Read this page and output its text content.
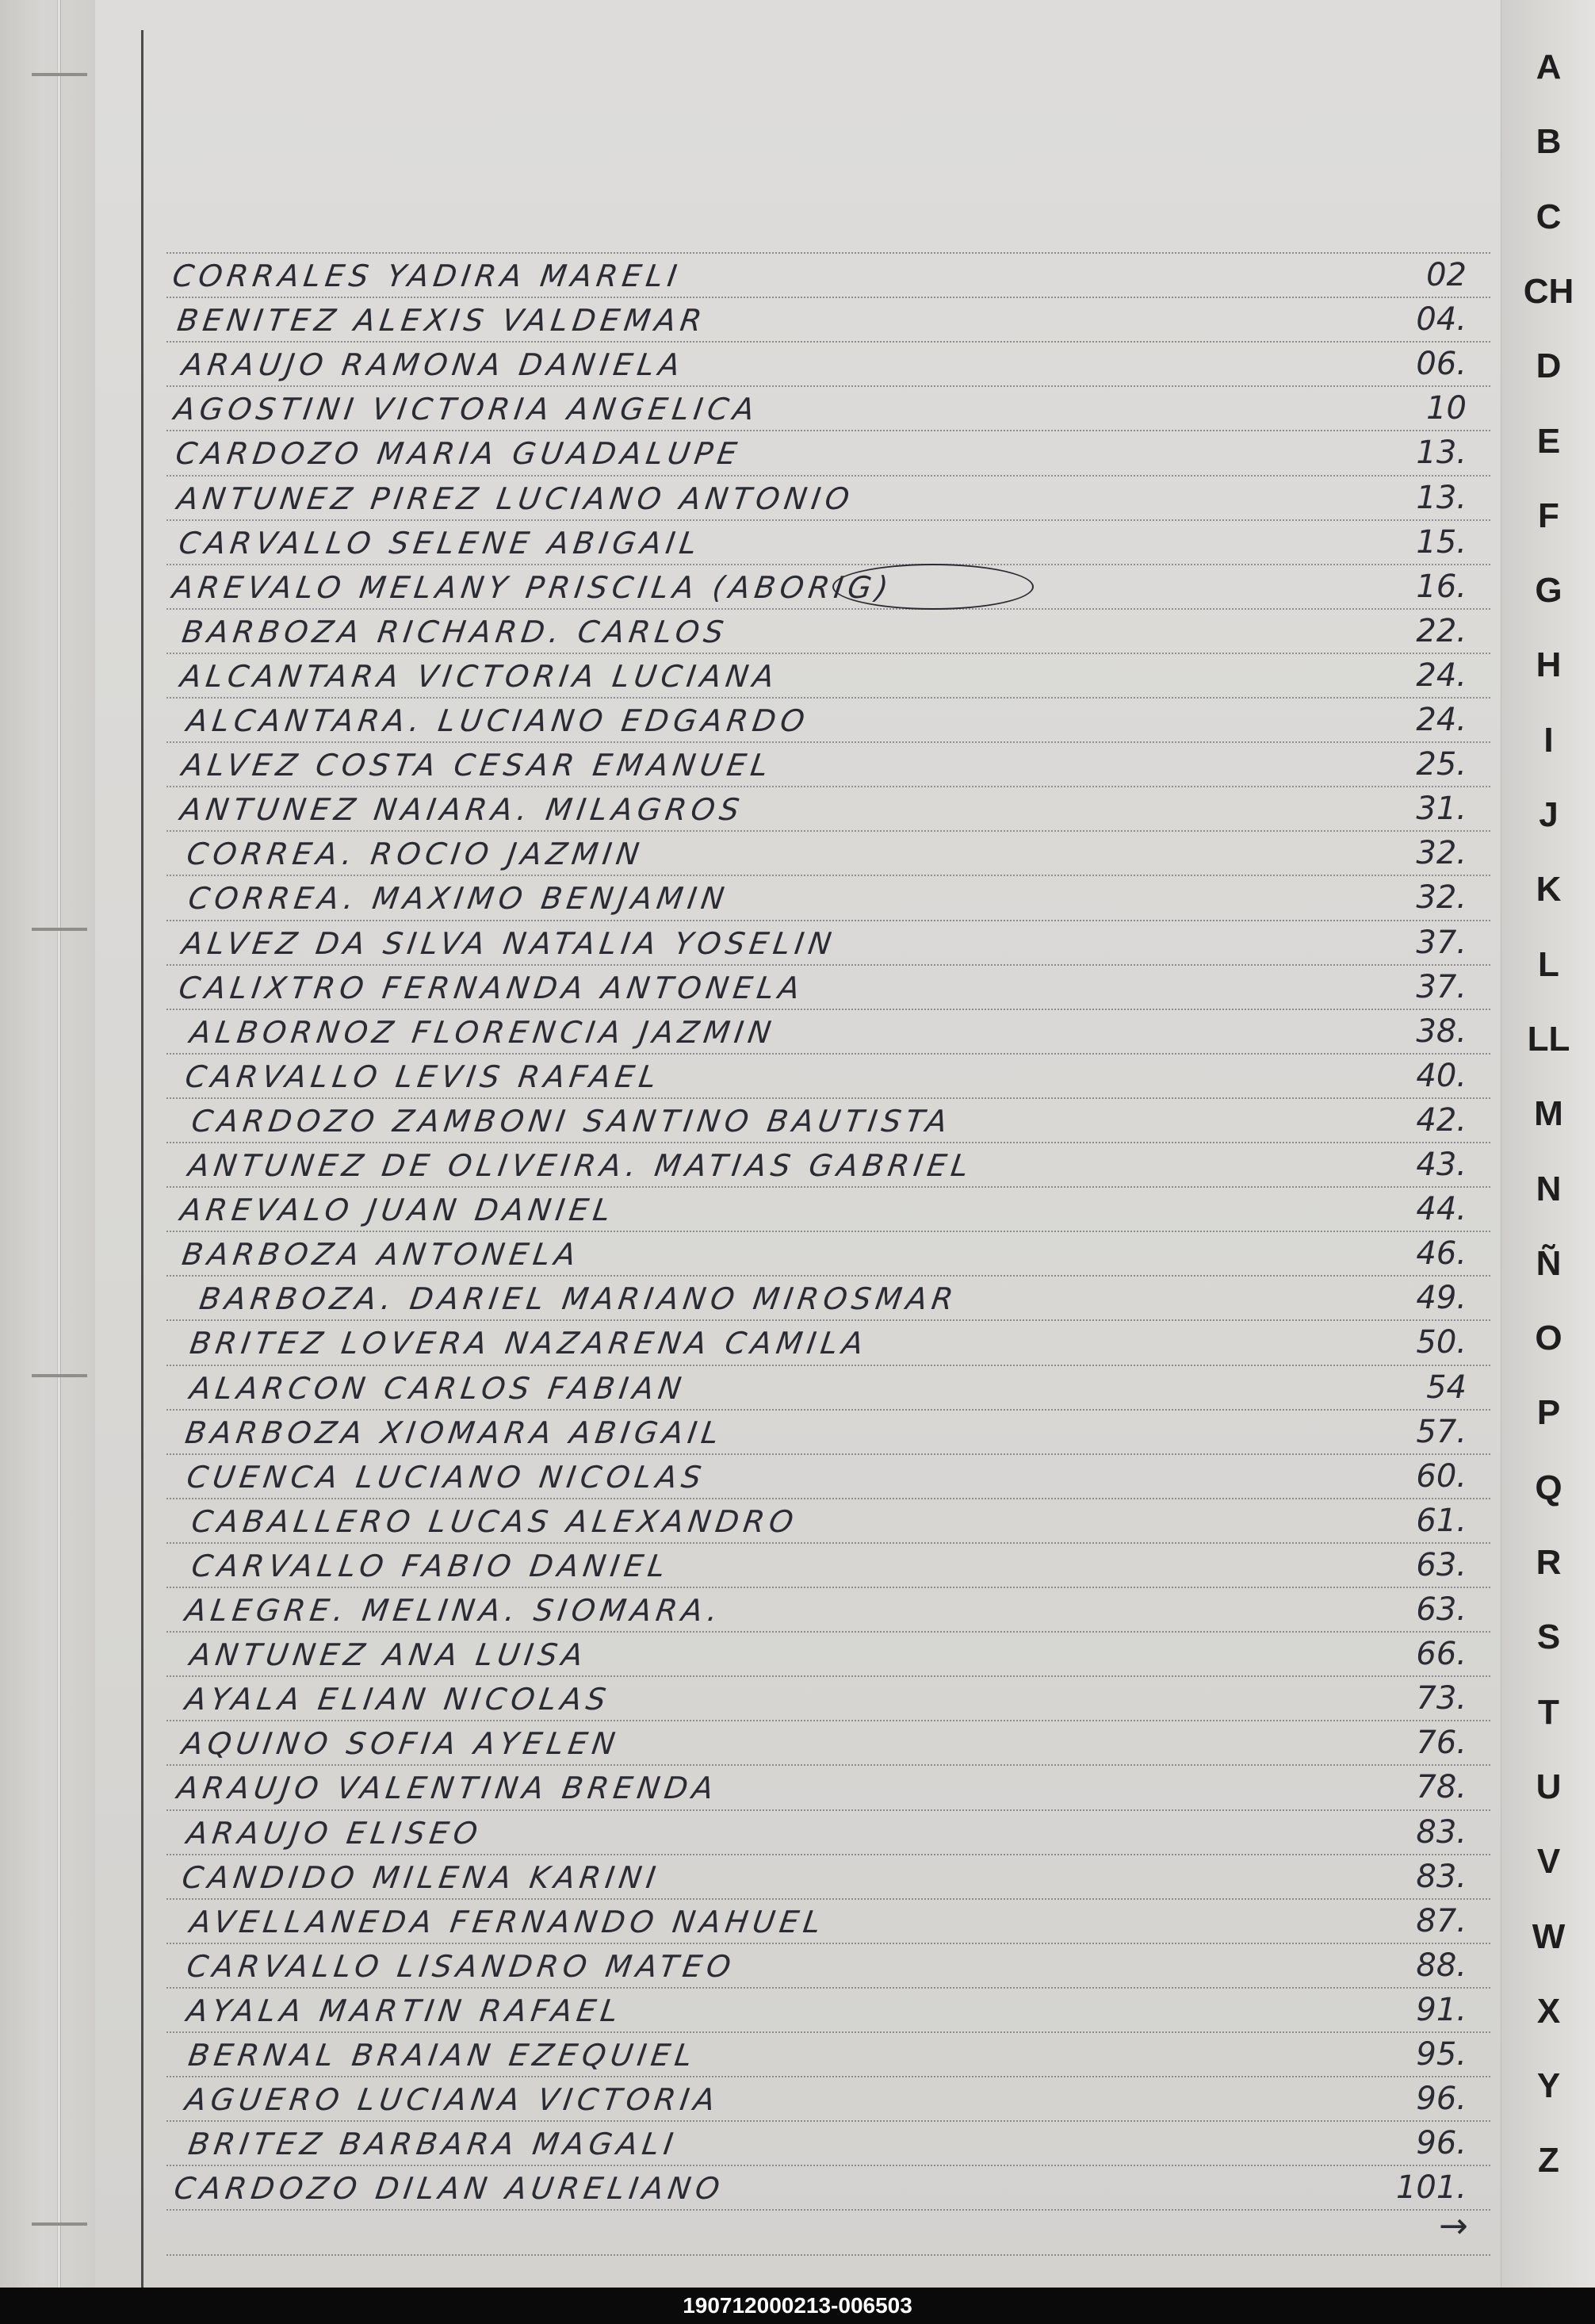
CORRALES YADIRA MARELI	02
BENITEZ ALEXIS VALDEMAR	04.
ARAUJO RAMONA DANIELA	06.
AGOSTINI VICTORIA ANGELICA	10
CARDOZO MARIA GUADALUPE	13.
ANTUNEZ PIREZ LUCIANO ANTONIO	13.
CARVALLO SELENE ABIGAIL	15.
AREVALO MELANY PRISCILA (ABORIG)	16.
BARBOZA RICHARD. CARLOS	22.
ALCANTARA VICTORIA LUCIANA	24.
ALCANTARA. LUCIANO EDGARDO	24.
ALVEZ COSTA CESAR EMANUEL	25.
ANTUNEZ NAIARA. MILAGROS	31.
CORREA. ROCIO JAZMIN	32.
CORREA. MAXIMO BENJAMIN	32.
ALVEZ DA SILVA NATALIA YOSELIN	37.
CALIXTRO FERNANDA ANTONELA	37.
ALBORNOZ FLORENCIA JAZMIN	38.
CARVALLO LEVIS RAFAEL	40.
CARDOZO ZAMBONI SANTINO BAUTISTA	42.
ANTUNEZ DE OLIVEIRA. MATIAS GABRIEL	43.
AREVALO JUAN DANIEL	44.
BARBOZA ANTONELA	46.
BARBOZA. DARIEL MARIANO MIROSMAR	49.
BRITEZ LOVERA NAZARENA CAMILA	50.
ALARCON CARLOS FABIAN	54
BARBOZA XIOMARA ABIGAIL	57.
CUENCA LUCIANO NICOLAS	60.
CABALLERO LUCAS ALEXANDRO	61.
CARVALLO FABIO DANIEL	63.
ALEGRE. MELINA. SIOMARA.	63.
ANTUNEZ ANA LUISA	66.
AYALA ELIAN NICOLAS	73.
AQUINO SOFIA AYELEN	76.
ARAUJO VALENTINA BRENDA	78.
ARAUJO ELISEO	83.
CANDIDO MILENA KARINI	83.
AVELLANEDA FERNANDO NAHUEL	87.
CARVALLO LISANDRO MATEO	88.
AYALA MARTIN RAFAEL	91.
BERNAL BRAIAN EZEQUIEL	95.
AGUERO LUCIANA VICTORIA	96.
BRITEZ BARBARA MAGALI	96.
CARDOZO DILAN AURELIANO	101.
→
A
B
C
CH
D
E
F
G
H
I
J
K
L
LL
M
N
Ñ
O
P
Q
R
S
T
U
V
W
X
Y
Z
190712000213-006503
